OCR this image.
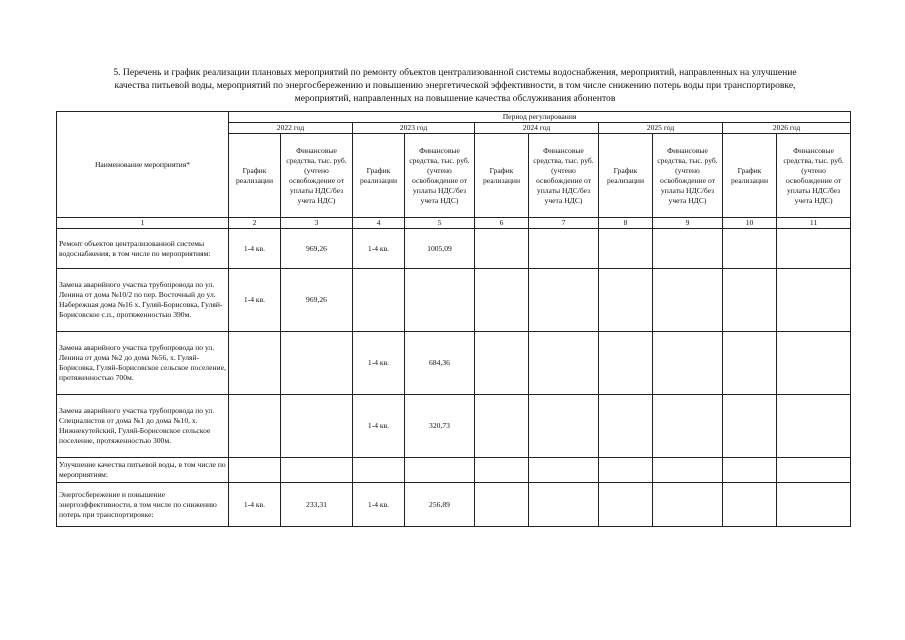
5. Перечень и график реализации плановых мероприятий по ремонту объектов централизованной системы водоснабжения, мероприятий, направленных на улучшение
качества питьевой воды, мероприятий по энергосбережению и повышению энергетической эффективности, в том числе снижению потерь воды при транспортировке,
мероприятий, направленных на повышение качества обслуживания абонентов
Наименование мероприятия*	Период регулирования									
	2022 год		2023 год		2024 год		2025 год		2026 год	
	График реализации	Финансовые средства, тыс. руб. (учтено освобождение от уплаты НДС/без учета НДС)	График реализации	Финансовые средства, тыс. руб. (учтено освобождение от уплаты НДС/без учета НДС)	График реализации	Финансовые средства, тыс. руб. (учтено освобождение от уплаты НДС/без учета НДС)	График реализации	Финансовые средства, тыс. руб. (учтено освобождение от уплаты НДС/без учета НДС)	График реализации	Финансовые средства, тыс. руб. (учтено освобождение от уплаты НДС/без учета НДС)
1	2	3	4	5	6	7	8	9	10	11
Ремонт объектов централизованной системы водоснабжения, в том числе по мероприятиям:	1-4 кв.	969,26	1-4 кв.	1005,09						
Замена аварийного участка трубопровода по ул. Ленина от дома №10/2 по пер. Восточный до ул. Набережная дома №16 х. Гуляй-Борисовка, Гуляй-Борисовское с.п., протяженностью 390м.	1-4 кв.	969,26								
Замена аварийного участка трубопровода по ул. Ленина от дома №2 до дома №56, х. Гуляй-Борисовка, Гуляй-Борисовское сельское поселение, протяженностью 700м.			1-4 кв.	684,36						
Замена аварийного участка трубопровода по ул. Специалистов от дома №1 до дома №10, х. Нижнекутейский, Гуляй-Борисовское сельское поселение, протяженностью 300м.			1-4 кв.	320,73						
Улучшение качества питьевой воды, в том числе по мероприятиям:										
Энергосбережение и повышение энергоэффективности, в том числе по снижению потерь при транспортировке:	1-4 кв.	233,31	1-4 кв.	256,89						
